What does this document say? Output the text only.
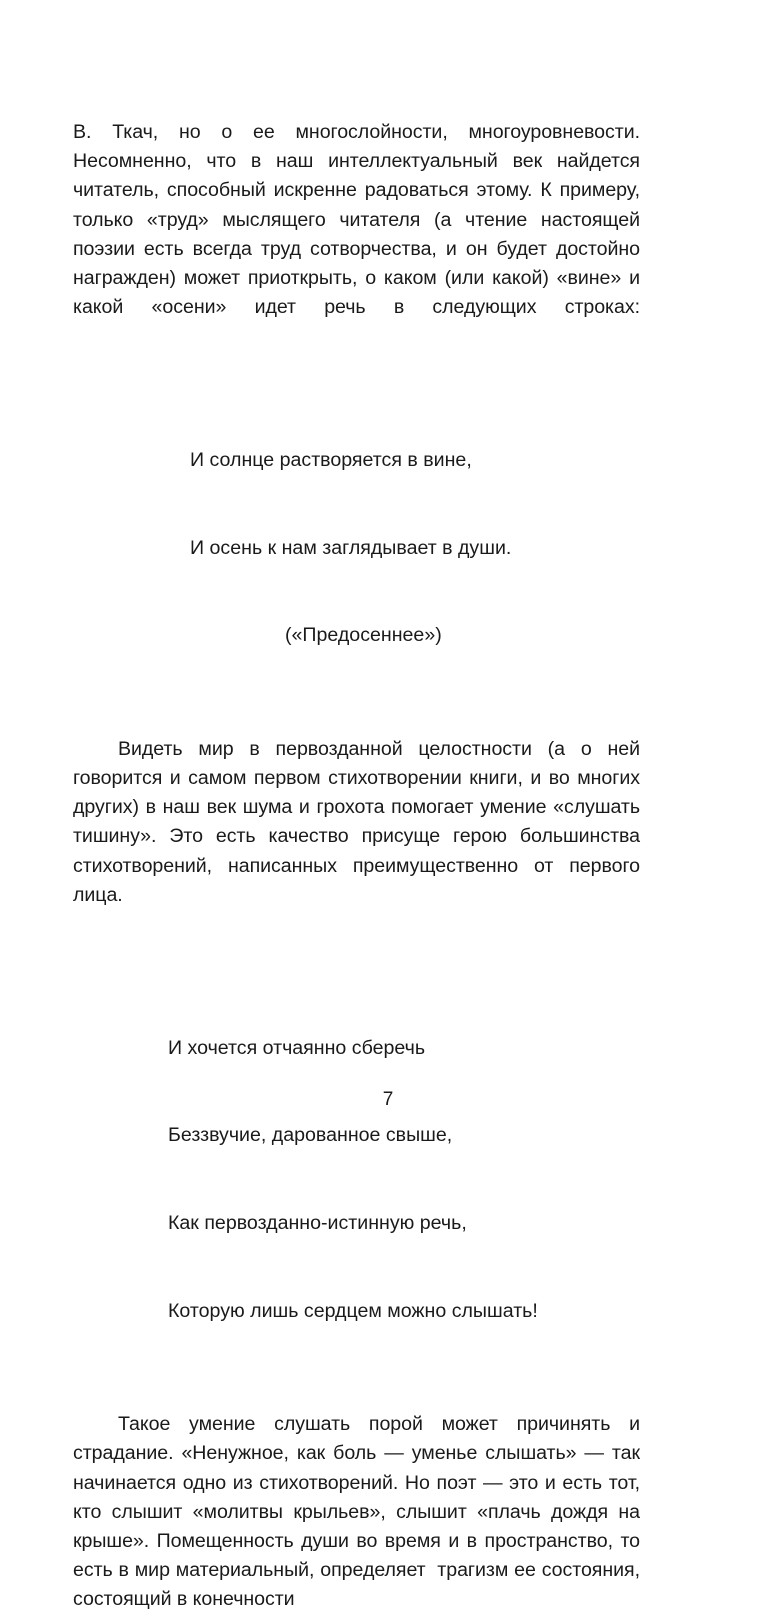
В. Ткач, но о ее многослойности, многоуровневости. Несомненно, что в наш интеллектуальный век найдется читатель, способный искренне радоваться этому. К примеру, только «труд» мыслящего читателя (а чтение настоящей поэзии есть всегда труд сотворчества, и он будет достойно награжден) может приоткрыть, о каком (или какой) «вине» и какой «осени» идет речь в следующих строках:

И солнце растворяется в вине,

И осень к нам заглядывает в души.

(«Предосеннее»)

Видеть мир в первозданной целостности (а о ней говорится и самом первом стихотворении книги, и во многих  других) в наш век шума и грохота помогает умение «слушать тишину». Это есть качество присуще герою большинства стихотворений, написанных преимущественно от первого лица.

И хочется отчаянно сберечь

Беззвучие, дарованное свыше,

Как первозданно-истинную речь,

Которую лишь сердцем можно слышать!

Такое умение слушать порой может причинять и страдание. «Ненужное, как боль — уменье слышать» — так начинается одно из стихотворений. Но поэт — это и есть тот, кто слышит «молитвы крыльев», слышит «плачь дождя на крыше». Помещенность души во время и в пространство, то есть в мир материальный, определяет  трагизм ее состояния, состоящий в конечности

7
